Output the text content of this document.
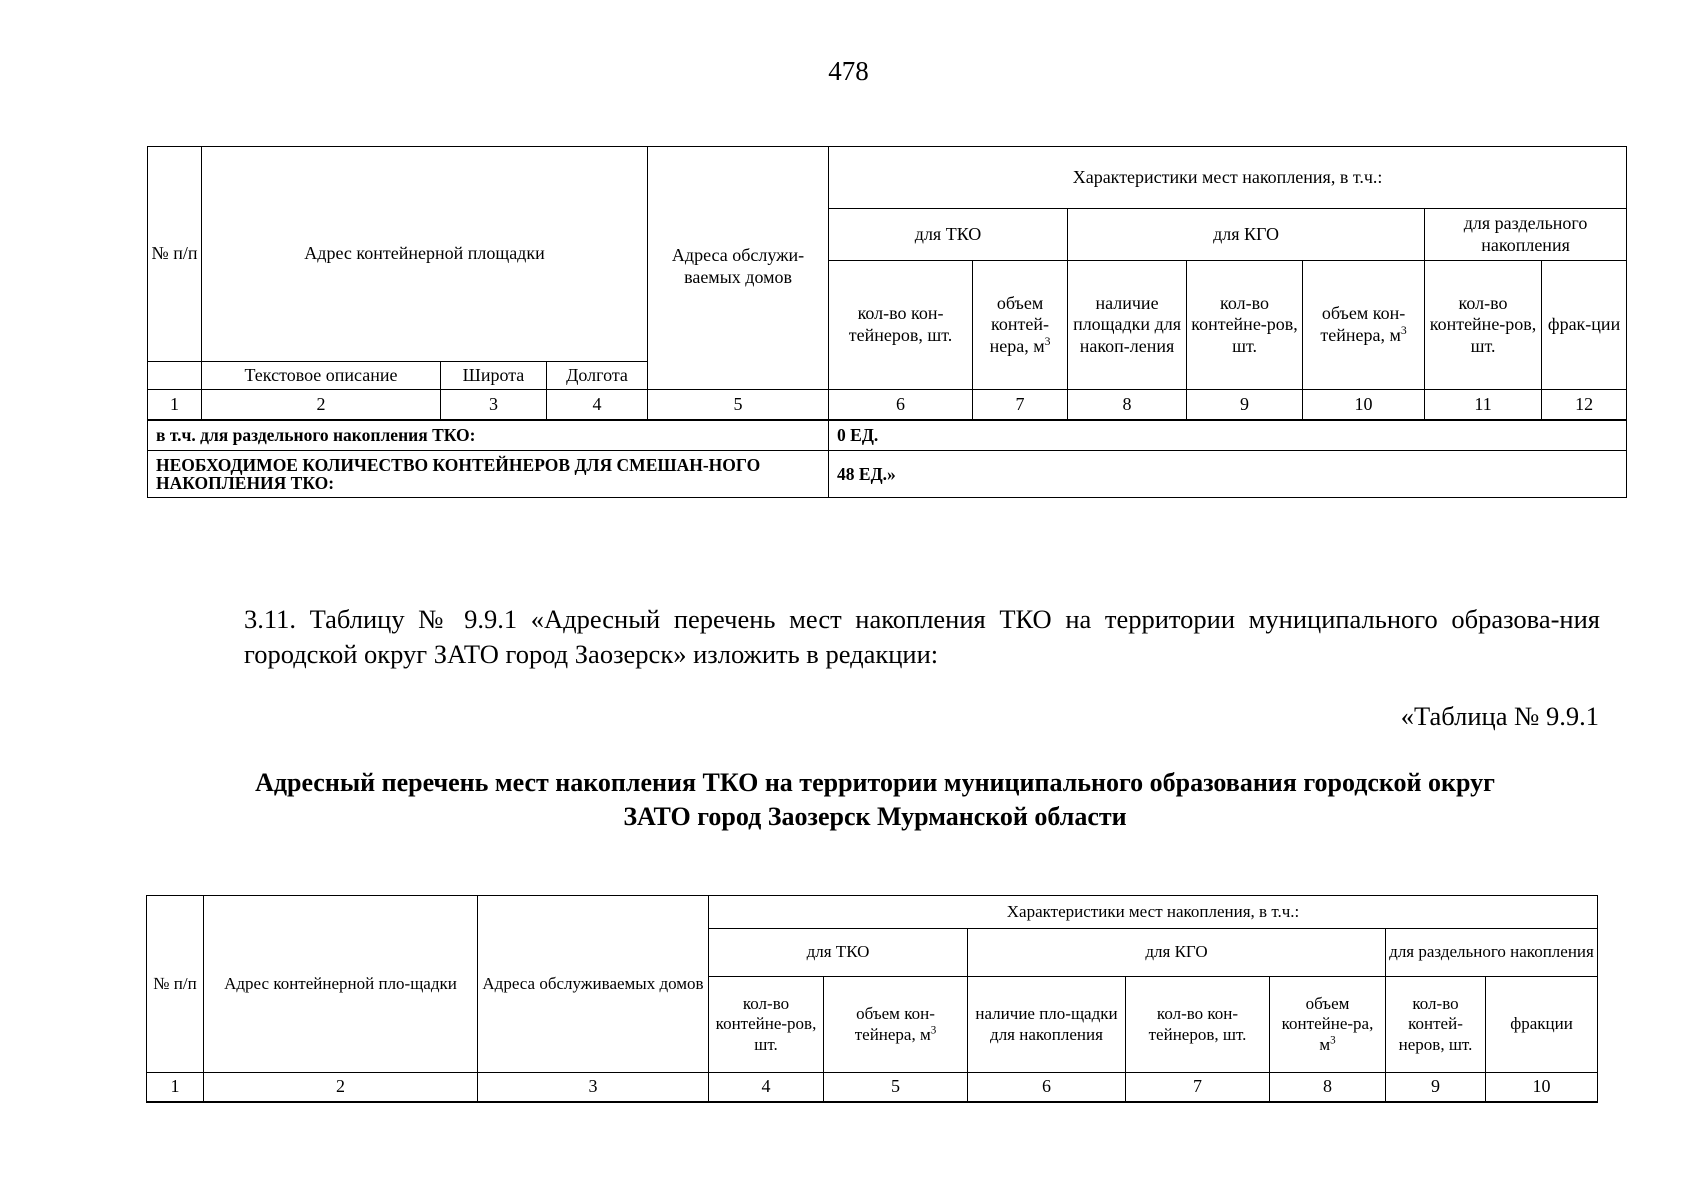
478
№ п/п	Адрес контейнерной площадки			Адреса обслужи-ваемых домов	Характеристики мест накопления, в т.ч.:						
					для ТКО		для КГО			для раздельного накопления	
					кол-во кон-тейнеров, шт.	объем контей-нера, $м^3$	наличие площадки для накоп-ления	кол-во контейне-ров, шт.	объем кон-тейнера, $м^3$	кол-во контейне-ров, шт.	фрак-ции
	Текстовое описание	Широта	Долгота								
1	2	3	4	5	6	7	8	9	10	11	12
в т.ч. для раздельного накопления ТКО:					0 ЕД.						
НЕОБХОДИМОЕ КОЛИЧЕСТВО КОНТЕЙНЕРОВ ДЛЯ СМЕШАН-НОГО НАКОПЛЕНИЯ ТКО:					48 ЕД.»						
3.11. Таблицу № 9.9.1 «Адресный перечень мест накопления ТКО на территории муниципального образова-ния городской округ ЗАТО город Заозерск» изложить в редакции:
«Таблица № 9.9.1
Адресный перечень мест накопления ТКО на территории муниципального образования городской округ
ЗАТО город Заозерск Мурманской области
№ п/п	Адрес контейнерной пло-щадки	Адреса обслуживаемых домов	Характеристики мест накопления, в т.ч.:						
			для ТКО		для КГО			для раздельного накопления	
			кол-во контейне-ров, шт.	объем кон-тейнера, $м^3$	наличие пло-щадки для накопления	кол-во кон-тейнеров, шт.	объем контейне-ра, $м^3$	кол-во контей-неров, шт.	фракции
1	2	3	4	5	6	7	8	9	10
